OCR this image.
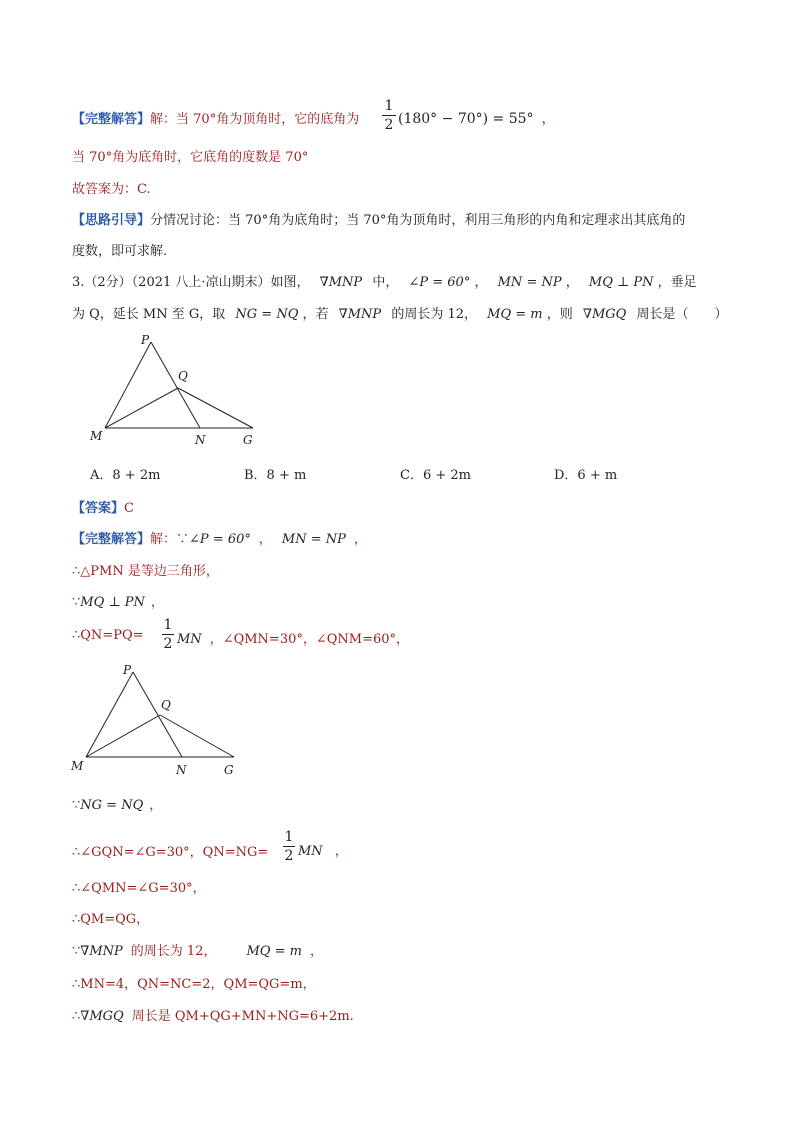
【完整解答】解：当 70°角为顶角时，它的底角为
1
2 (180° − 70°) = 55° ，
当 70°角为底角时，它底角的度数是 70°
故答案为：C.
【思路引导】分情况讨论：当 70°角为底角时；当 70°角为顶角时，利用三角形的内角和定理求出其底角的
度数，即可求解.
3.（2分）（2021 八上·凉山期末）如图， ∇MNP 中， ∠P = 60° ， MN = NP ， MQ ⊥ PN ，垂足
为 Q，延长 MN 至 G，取 NG = NQ ，若 ∇MNP 的周长为 12， MQ = m ，则 ∇MGQ 周长是（　　）
P
Q
M	N	G
A．8 + 2m	B．8 + m	C．6 + 2m	D．6 + m
【答案】C
【完整解答】解：∵∠P = 60° ， MN = NP ，
∴△PMN 是等边三角形，
∵MQ ⊥ PN ，
∴QN=PQ=
1
2 MN ，∠QMN=30°，∠QNM=60°，
P
Q
M	N	G
∵NG = NQ ，
∴∠GQN=∠G=30°，QN=NG=
1
2 MN ，
∴∠QMN=∠G=30°，
∴QM=QG，
∵∇MNP 的周长为 12， MQ = m ，
∴MN=4，QN=NC=2，QM=QG=m，
∴∇MGQ 周长是 QM+QG+MN+NG=6+2m.
